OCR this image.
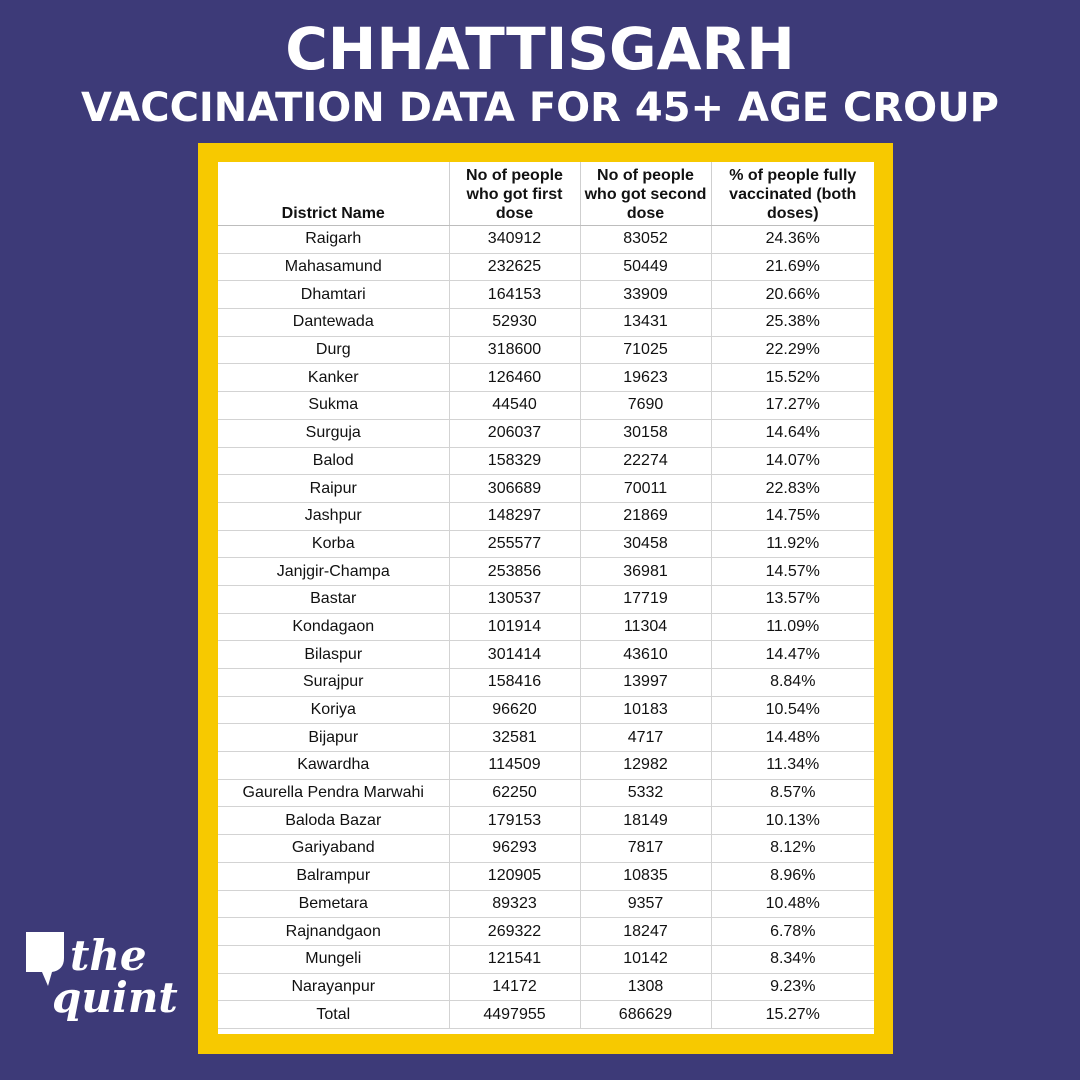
CHHATTISGARH
VACCINATION DATA FOR 45+ AGE CROUP
District Name	No of people who got first dose	No of people who got second dose	% of people fully vaccinated (both doses)
Raigarh	340912	83052	24.36%
Mahasamund	232625	50449	21.69%
Dhamtari	164153	33909	20.66%
Dantewada	52930	13431	25.38%
Durg	318600	71025	22.29%
Kanker	126460	19623	15.52%
Sukma	44540	7690	17.27%
Surguja	206037	30158	14.64%
Balod	158329	22274	14.07%
Raipur	306689	70011	22.83%
Jashpur	148297	21869	14.75%
Korba	255577	30458	11.92%
Janjgir-Champa	253856	36981	14.57%
Bastar	130537	17719	13.57%
Kondagaon	101914	11304	11.09%
Bilaspur	301414	43610	14.47%
Surajpur	158416	13997	8.84%
Koriya	96620	10183	10.54%
Bijapur	32581	4717	14.48%
Kawardha	114509	12982	11.34%
Gaurella Pendra Marwahi	62250	5332	8.57%
Baloda Bazar	179153	18149	10.13%
Gariyaband	96293	7817	8.12%
Balrampur	120905	10835	8.96%
Bemetara	89323	9357	10.48%
Rajnandgaon	269322	18247	6.78%
Mungeli	121541	10142	8.34%
Narayanpur	14172	1308	9.23%
Total	4497955	686629	15.27%
the
quint
